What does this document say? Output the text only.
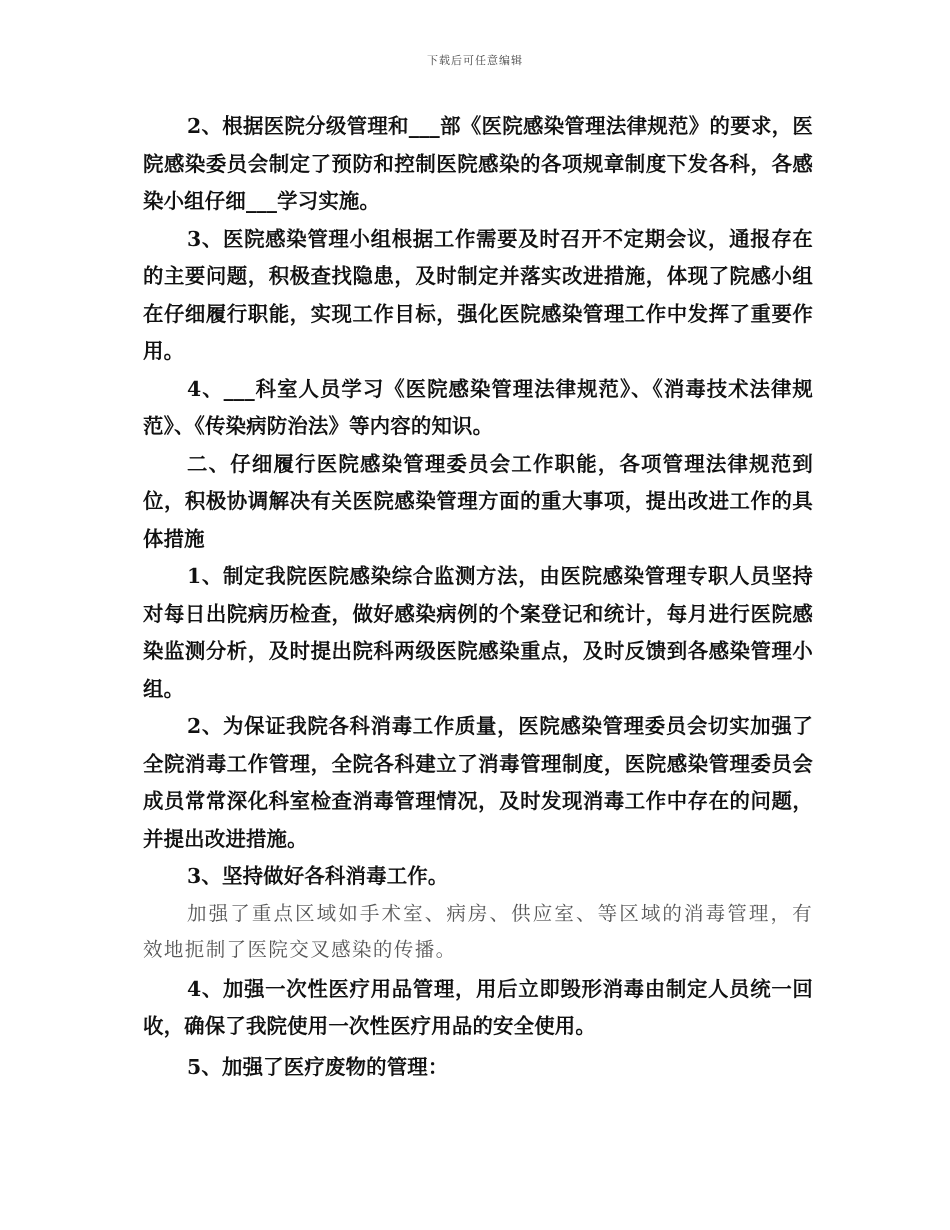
下载后可任意编辑

2、根据医院分级管理和___部《医院感染管理法律规范》的要求，医院感染委员会制定了预防和控制医院感染的各项规章制度下发各科，各感染小组仔细___学习实施。

3、医院感染管理小组根据工作需要及时召开不定期会议，通报存在的主要问题，积极查找隐患，及时制定并落实改进措施，体现了院感小组在仔细履行职能，实现工作目标，强化医院感染管理工作中发挥了重要作用。

4、___科室人员学习《医院感染管理法律规范》、《消毒技术法律规范》、《传染病防治法》等内容的知识。

二、仔细履行医院感染管理委员会工作职能，各项管理法律规范到位，积极协调解决有关医院感染管理方面的重大事项，提出改进工作的具体措施

1、制定我院医院感染综合监测方法，由医院感染管理专职人员坚持对每日出院病历检查，做好感染病例的个案登记和统计，每月进行医院感染监测分析，及时提出院科两级医院感染重点，及时反馈到各感染管理小组。

2、为保证我院各科消毒工作质量，医院感染管理委员会切实加强了全院消毒工作管理，全院各科建立了消毒管理制度，医院感染管理委员会成员常常深化科室检查消毒管理情况，及时发现消毒工作中存在的问题，并提出改进措施。

3、坚持做好各科消毒工作。

加强了重点区域如手术室、病房、供应室、等区域的消毒管理，有效地扼制了医院交叉感染的传播。

4、加强一次性医疗用品管理，用后立即毁形消毒由制定人员统一回收，确保了我院使用一次性医疗用品的安全使用。

5、加强了医疗废物的管理：
